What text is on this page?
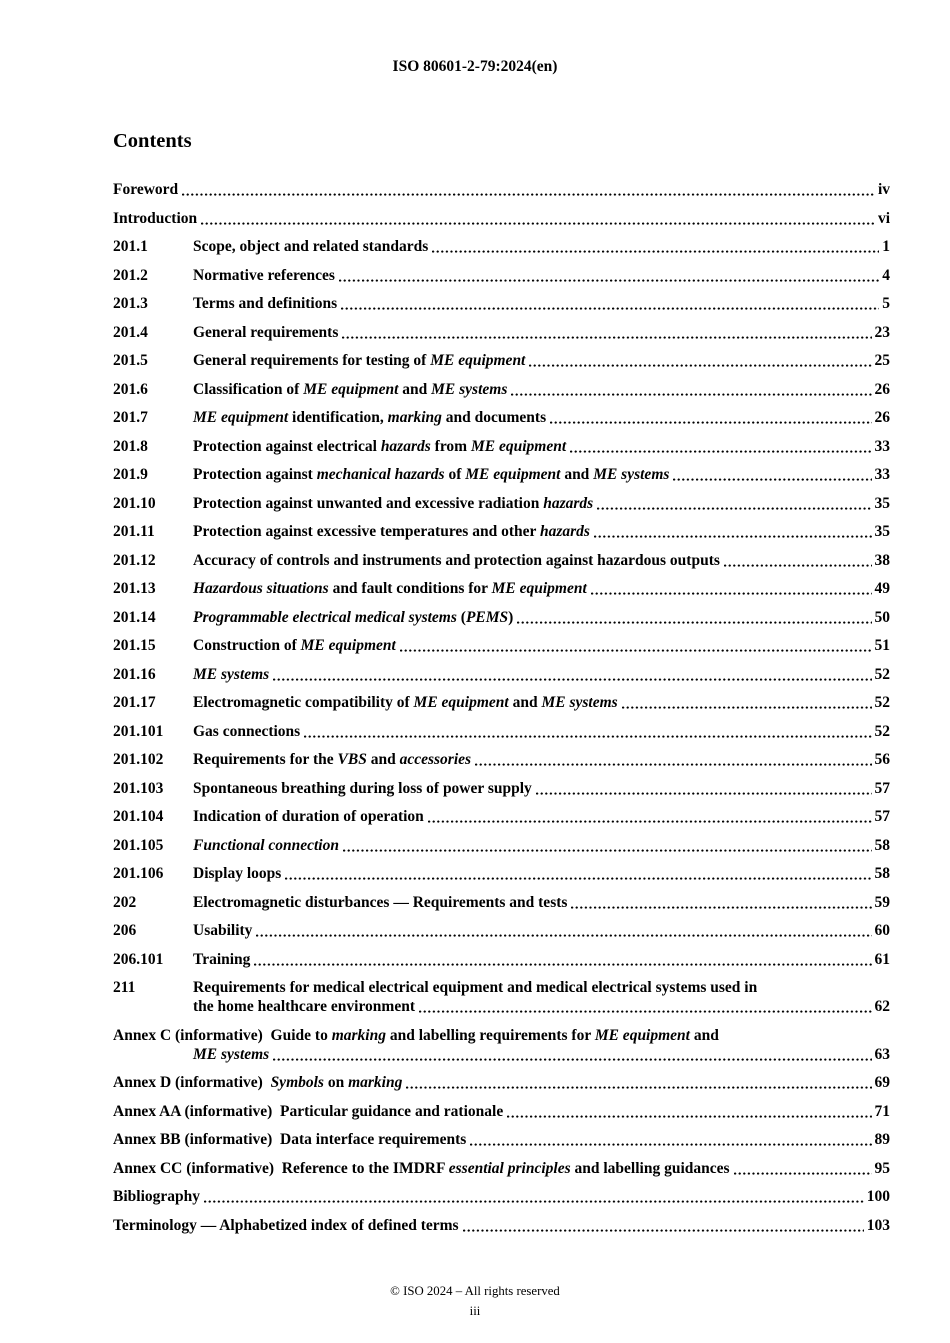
ISO 80601-2-79:2024(en)
Contents
Foreword	iv
Introduction	vi
201.1	Scope, object and related standards	1
201.2	Normative references	4
201.3	Terms and definitions	5
201.4	General requirements	23
201.5	General requirements for testing of ME equipment	25
201.6	Classification of ME equipment and ME systems	26
201.7	ME equipment identification, marking and documents	26
201.8	Protection against electrical hazards from ME equipment	33
201.9	Protection against mechanical hazards of ME equipment and ME systems	33
201.10	Protection against unwanted and excessive radiation hazards	35
201.11	Protection against excessive temperatures and other hazards	35
201.12	Accuracy of controls and instruments and protection against hazardous outputs	38
201.13	Hazardous situations and fault conditions for ME equipment	49
201.14	Programmable electrical medical systems (PEMS)	50
201.15	Construction of ME equipment	51
201.16	ME systems	52
201.17	Electromagnetic compatibility of ME equipment and ME systems	52
201.101	Gas connections	52
201.102	Requirements for the VBS and accessories	56
201.103	Spontaneous breathing during loss of power supply	57
201.104	Indication of duration of operation	57
201.105	Functional connection	58
201.106	Display loops	58
202	Electromagnetic disturbances — Requirements and tests	59
206	Usability	60
206.101	Training	61
211	Requirements for medical electrical equipment and medical electrical systems used in
the home healthcare environment	62
Annex C (informative)  Guide to marking and labelling requirements for ME equipment and
ME systems	63
Annex D (informative)  Symbols on marking	69
Annex AA (informative)  Particular guidance and rationale	71
Annex BB (informative)  Data interface requirements	89
Annex CC (informative)  Reference to the IMDRF essential principles and labelling guidances	95
Bibliography	100
Terminology — Alphabetized index of defined terms	103
© ISO 2024 – All rights reserved
iii
